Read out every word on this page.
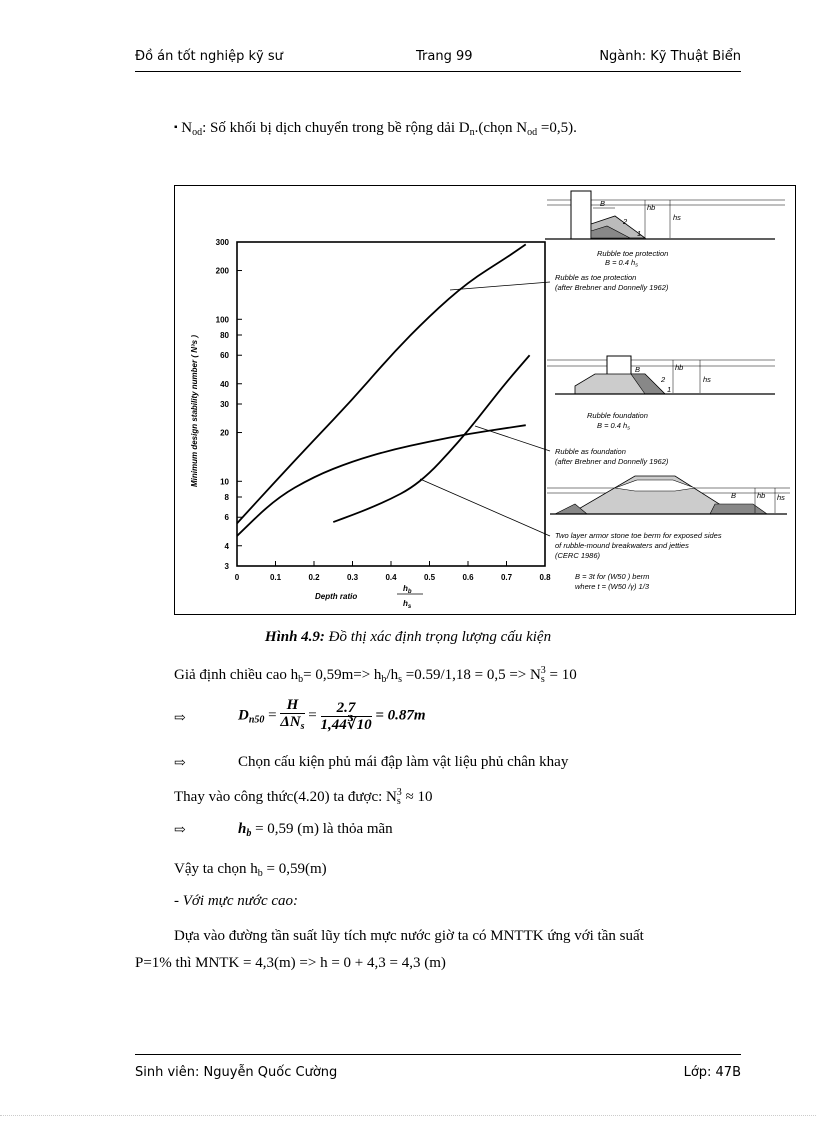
Đồ án tốt nghiệp kỹ sư	Trang 99	Ngành: Kỹ Thuật Biển
▪ $N_{od}$: Số khối bị dịch chuyển trong bề rộng dải $D_n.(chọn$ $N_{od} =0,5$).
3
4
6
8
10
20
30
40
60
80
100
200
300
0	0.1	0.2	0.3	0.4	0.5	0.6	0.7	0.8
Minimum design stability number ( N³s )
Depth ratio
$h_b$
$h_s$
B	hb
hs
2
1
Rubble toe protection
B = 0.4 $h_s$
Rubble as toe protection
(after Brebner and Donnelly 1962)
B	hb
hs
2
1
Rubble foundation
B = 0.4 $h_s$
Rubble as foundation
(after Brebner and Donnelly 1962)
B	hb hs
Two layer armor stone toe berm for exposed sides
of rubble-mound breakwaters and jetties
(CERC 1986)
B = 3t for (W50 ) berm
where t = (W50 /γ) 1/3
Hình 4.9: Đồ thị xác định trọng lượng cấu kiện
Giả định chiều cao $h_b= 0,59m=> h_b/h_s =0.59/1,18 = 0,5 => N_s^3 = 10$
⇨	$D_{n50} = \frac{H}{\Delta N_s} = \frac{2.7}{1,44∛10} = 0.87m$
⇨	Chọn cấu kiện phủ mái đập làm vật liệu phủ chân khay
Thay vào công thức(4.20) ta được: $N_s^3 \approx 10$
⇨	$h_b = 0,59$ (m) là thỏa mãn
Vậy ta chọn $h_b = 0,59(m)$
- Với mực nước cao:
Dựa vào đường tần suất lũy tích mực nước giờ ta có MNTTK ứng với tần suất
P=1% thì MNTK = 4,3(m) => h = 0 + 4,3 = 4,3 (m)
Sinh viên: Nguyễn Quốc Cường	Lớp: 47B
